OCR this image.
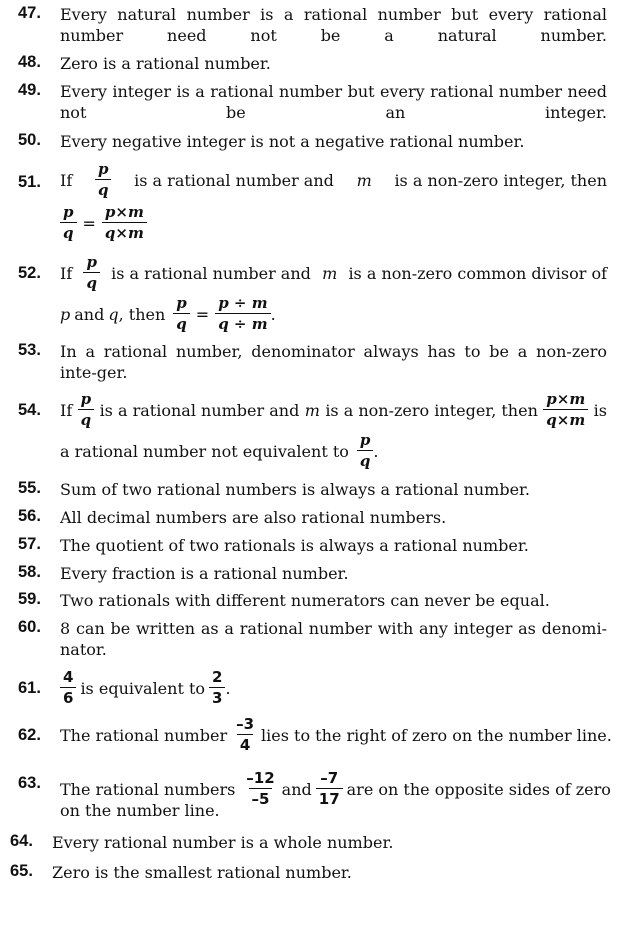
47. Every natural number is a rational number but every rational number need not be a natural number.
48. Zero is a rational number.
49. Every integer is a rational number but every rational number need not be an integer.
50. Every negative integer is not a negative rational number.
51. If $\frac{p}{q}$ is a rational number and m is a non-zero integer, then
$\frac{p}{q} = \frac{p\times m}{q\times m}$
52. If $\frac{p}{q}$ is a rational number and m is a non-zero common divisor of
p and q , then $\frac{p}{q} = \frac{p \div m}{q \div m}$ .
53. In a rational number, denominator always has to be a non-zero inte-ger.
54. If $\frac{p}{q}$ is a rational number and m is a non-zero integer, then $\frac{p\times m}{q\times m}$ is
a rational number not equivalent to $\frac{p}{q}$ .
55. Sum of two rational numbers is always a rational number.
56. All decimal numbers are also rational numbers.
57. The quotient of two rationals is always a rational number.
58. Every fraction is a rational number.
59. Two rationals with different numerators can never be equal.
60. 8 can be written as a rational number with any integer as denomi-nator.
61. $\frac{4}{6}$ is equivalent to $\frac{2}{3}$ .
62. The rational number $\frac{-3}{4}$ lies to the right of zero on the number line.
63. The rational numbers $\frac{-12}{-5}$ and $\frac{-7}{17}$ are on the opposite sides of zero
on the number line.
64. Every rational number is a whole number.
65. Zero is the smallest rational number.
